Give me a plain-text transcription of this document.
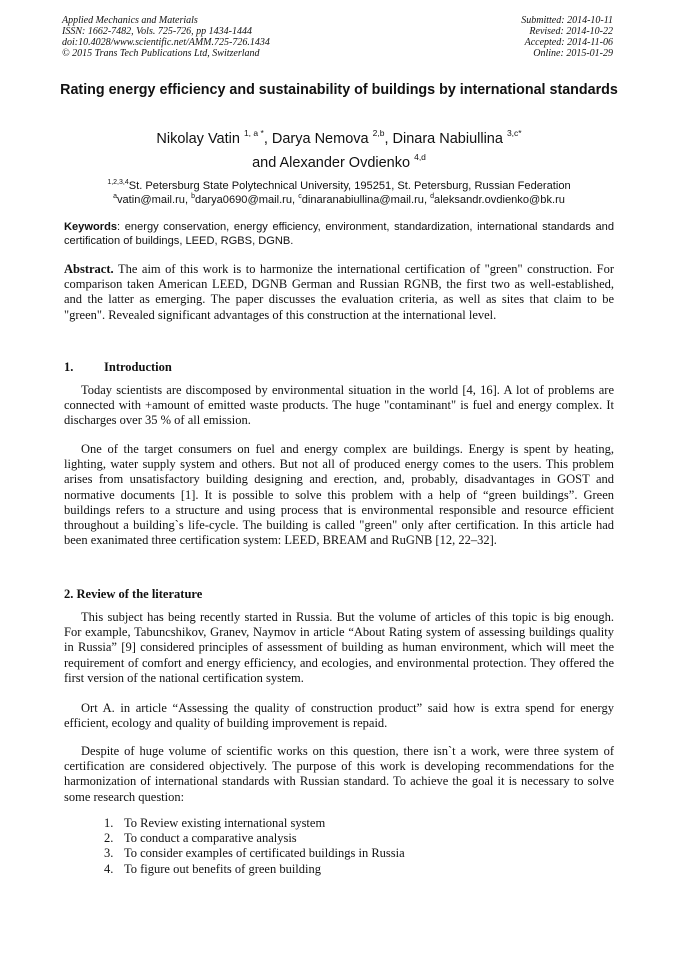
Applied Mechanics and Materials
ISSN: 1662-7482, Vols. 725-726, pp 1434-1444
doi:10.4028/www.scientific.net/AMM.725-726.1434
© 2015 Trans Tech Publications Ltd, Switzerland
Submitted: 2014-10-11
Revised: 2014-10-22
Accepted: 2014-11-06
Online: 2015-01-29
Rating energy efficiency and sustainability of buildings by international standards
Nikolay Vatin $^{1, a *}$, Darya Nemova $^{2,b}$, Dinara Nabiullina $^{3,c*}$
and Alexander Ovdienko $^{4,d}$
$^{1,2,3,4}$St. Petersburg State Polytechnical University, 195251, St. Petersburg, Russian Federation
$^a$vatin@mail.ru, $^b$darya0690@mail.ru, $^c$dinaranabiullina@mail.ru, $^d$aleksandr.ovdienko@bk.ru
Keywords: energy conservation, energy efficiency, environment, standardization, international standards and certification of buildings, LEED, RGBS, DGNB.
Abstract. The aim of this work is to harmonize the international certification of "green" construction. For comparison taken American LEED, DGNB German and Russian RGNB, the first two as well-established, and the latter as emerging. The paper discusses the evaluation criteria, as well as sites that claim to be "green". Revealed significant advantages of this construction at the international level.
1. Introduction
Today scientists are discomposed by environmental situation in the world [4, 16]. A lot of problems are connected with +amount of emitted waste products. The huge "contaminant" is fuel and energy complex. It discharges over 35 % of all emission.
One of the target consumers on fuel and energy complex are buildings. Energy is spent by heating, lighting, water supply system and others. But not all of produced energy comes to the users. This problem arises from unsatisfactory building designing and erection, and, probably, disadvantages in GOST and normative documents [1]. It is possible to solve this problem with a help of “green buildings”. Green buildings refers to a structure and using process that is environmental responsible and resource efficient throughout a building`s life-cycle. The building is called "green" only after certification. In this article had been exanimated three certification system: LEED, BREAM and RuGNB [12, 22–32].
2. Review of the literature
This subject has being recently started in Russia. But the volume of articles of this topic is big enough. For example, Tabuncshikov, Granev, Naymov in article “About Rating system of assessing buildings quality in Russia” [9] considered principles of assessment of building as human environment, which will meet the requirement of comfort and energy efficiency, and ecologies, and environmental protection. They offered the first version of the national certification system.
Ort A. in article “Assessing the quality of construction product” said how is extra spend for energy efficient, ecology and quality of building improvement is repaid.
Despite of huge volume of scientific works on this question, there isn`t a work, were three system of certification are considered objectively. The purpose of this work is developing recommendations for the harmonization of international standards with Russian standard. To achieve the goal it is necessary to solve some research question:
1. To Review existing international system
2. To conduct a comparative analysis
3. To consider examples of certificated buildings in Russia
4. To figure out benefits of green building
